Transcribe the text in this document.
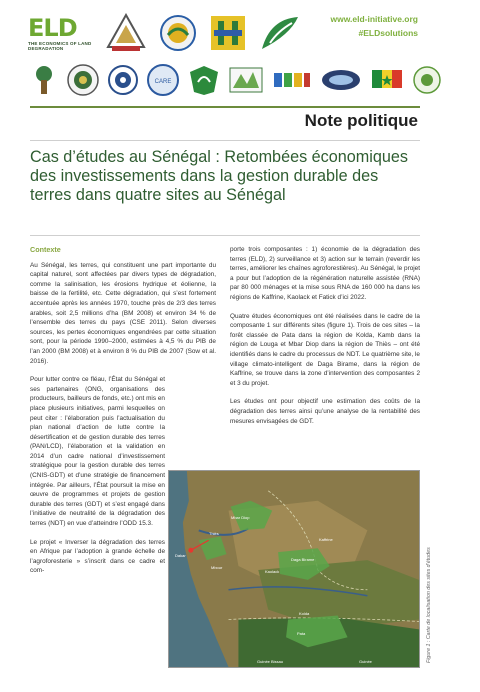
ELD
THE ECONOMICS OF LAND DEGRADATION
www.eld-initiative.org
#ELDsolutions
CARE
Note politique
Cas d’études au Sénégal : Retombées économiques des investissements dans la gestion durable des terres dans quatre sites au Sénégal
Contexte

Au Sénégal, les terres, qui constituent une part importante du capital naturel, sont affectées par divers types de dégradation, comme la salinisation, les érosions hydrique et éolienne, la baisse de la fertilité, etc. Cette dégradation, qui s’est fortement accentuée après les années 1970, touche près de 2/3 des terres arables, soit 2,5 millions d’ha (BM 2008) et environ 34 % de l’ensemble des terres du pays (CSE 2011). Selon diverses sources, les pertes économiques engendrées par cette situation sont, pour la période 1990–2000, estimées à 4,5 % du PIB de l’an 2000 (BM 2008) et à environ 8 % du PIB de 2007 (Sow et al. 2016).

Pour lutter contre ce fléau, l’État du Sénégal et ses partenaires (ONG, organisations des producteurs, bailleurs de fonds, etc.) ont mis en place plusieurs initiatives, parmi lesquelles on peut citer : l’élaboration puis l’actualisation du plan national d’action de lutte contre la désertification et de gestion durable des terres (PAN/LCD), l’élaboration et la validation en 2014 d’un cadre national d’investissement stratégique pour la gestion durable des terres (CNIS-GDT) et d’une stratégie de financement intégrée. Par ailleurs, l’État poursuit la mise en œuvre de programmes et projets de gestion durable des terres (GDT) et s’est engagé dans l’initiative de neutralité de la dégradation des terres (NDT) en vue d’atteindre l’ODD 15.3.

Le projet « Inverser la dégradation des terres en Afrique par l’adoption à grande échelle de l’agroforesterie » s’inscrit dans ce cadre et com-

porte trois composantes : 1) économie de la dégradation des terres (ELD), 2) surveillance et 3) action sur le terrain (reverdir les terres, améliorer les chaînes agroforestières). Au Sénégal, le projet a pour but l’adoption de la régénération naturelle assistée (RNA) par 80 000 ménages et la mise sous RNA de 160 000 ha dans les régions de Kaffrine, Kaolack et Fatick d’ici 2022.

Quatre études économiques ont été réalisées dans le cadre de la composante 1 sur différents sites (figure 1). Trois de ces sites – la forêt classée de Pata dans la région de Kolda, Kamb dans la région de Louga et Mbar Diop dans la région de Thiès – ont été identifiés dans le cadre du processus de NDT. Le quatrième site, le village climato-intelligent de Daga Birame, dans la région de Kaffrine, se trouve dans la zone d’intervention des composantes 2 et 3 du projet.

Les études ont pour objectif une estimation des coûts de la dégradation des terres ainsi qu’une analyse de la rentabilité des mesures envisagées de GDT.

Dakar
Thiès
Mbour
Kaolack
Kaffrine
Daga Birame
Mbar Diop
Kolda
Pata
Guinée Bissau	Guinée	Figure 1 : Carte de localisation des sites d’études
